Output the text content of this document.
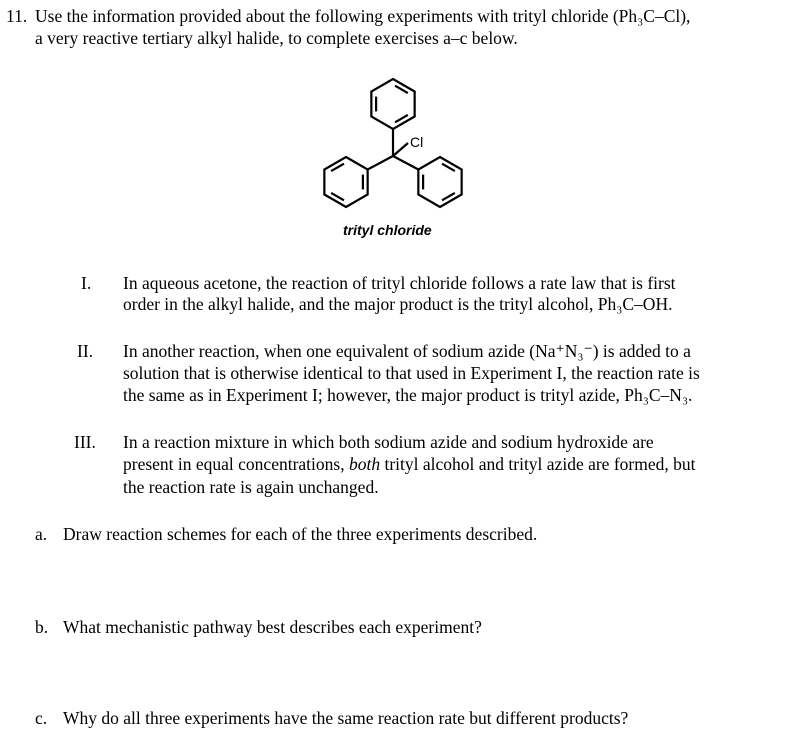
11. Use the information provided about the following experiments with trityl chloride (Ph₃C–Cl),
a very reactive tertiary alkyl halide, to complete exercises a–c below.
Cl
trityl chloride
I. In aqueous acetone, the reaction of trityl chloride follows a rate law that is first
order in the alkyl halide, and the major product is the trityl alcohol, Ph₃C–OH.
II. In another reaction, when one equivalent of sodium azide (Na⁺N₃⁻) is added to a
solution that is otherwise identical to that used in Experiment I, the reaction rate is
the same as in Experiment I; however, the major product is trityl azide, Ph₃C–N₃.
III. In a reaction mixture in which both sodium azide and sodium hydroxide are
present in equal concentrations, both trityl alcohol and trityl azide are formed, but
the reaction rate is again unchanged.
a. Draw reaction schemes for each of the three experiments described.
b. What mechanistic pathway best describes each experiment?
c. Why do all three experiments have the same reaction rate but different products?
